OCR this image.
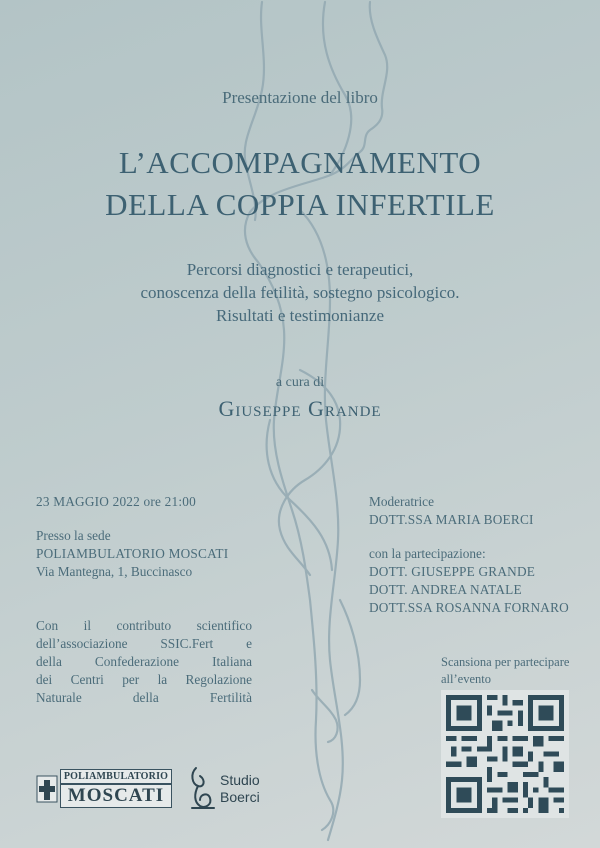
Presentazione del libro
L’ACCOMPAGNAMENTO
DELLA COPPIA INFERTILE
Percorsi diagnostici e terapeutici,
conoscenza della fetilità, sostegno psicologico.
Risultati e testimonianze
a cura di
Giuseppe Grande
23 MAGGIO 2022 ore 21:00
Presso la sede
POLIAMBULATORIO MOSCATI
Via Mantegna, 1, Buccinasco
Con il contributo scientifico
dell’associazione SSIC.Fert e
della Confederazione Italiana
dei Centri per la Regolazione
Naturale della Fertilità
Moderatrice
DOTT.SSA MARIA BOERCI
con la partecipazione:
DOTT. GIUSEPPE GRANDE
DOTT. ANDREA NATALE
DOTT.SSA ROSANNA FORNARO
Scansiona per partecipare
all’evento
POLIAMBULATORIO
MOSCATI
Studio
Boerci
